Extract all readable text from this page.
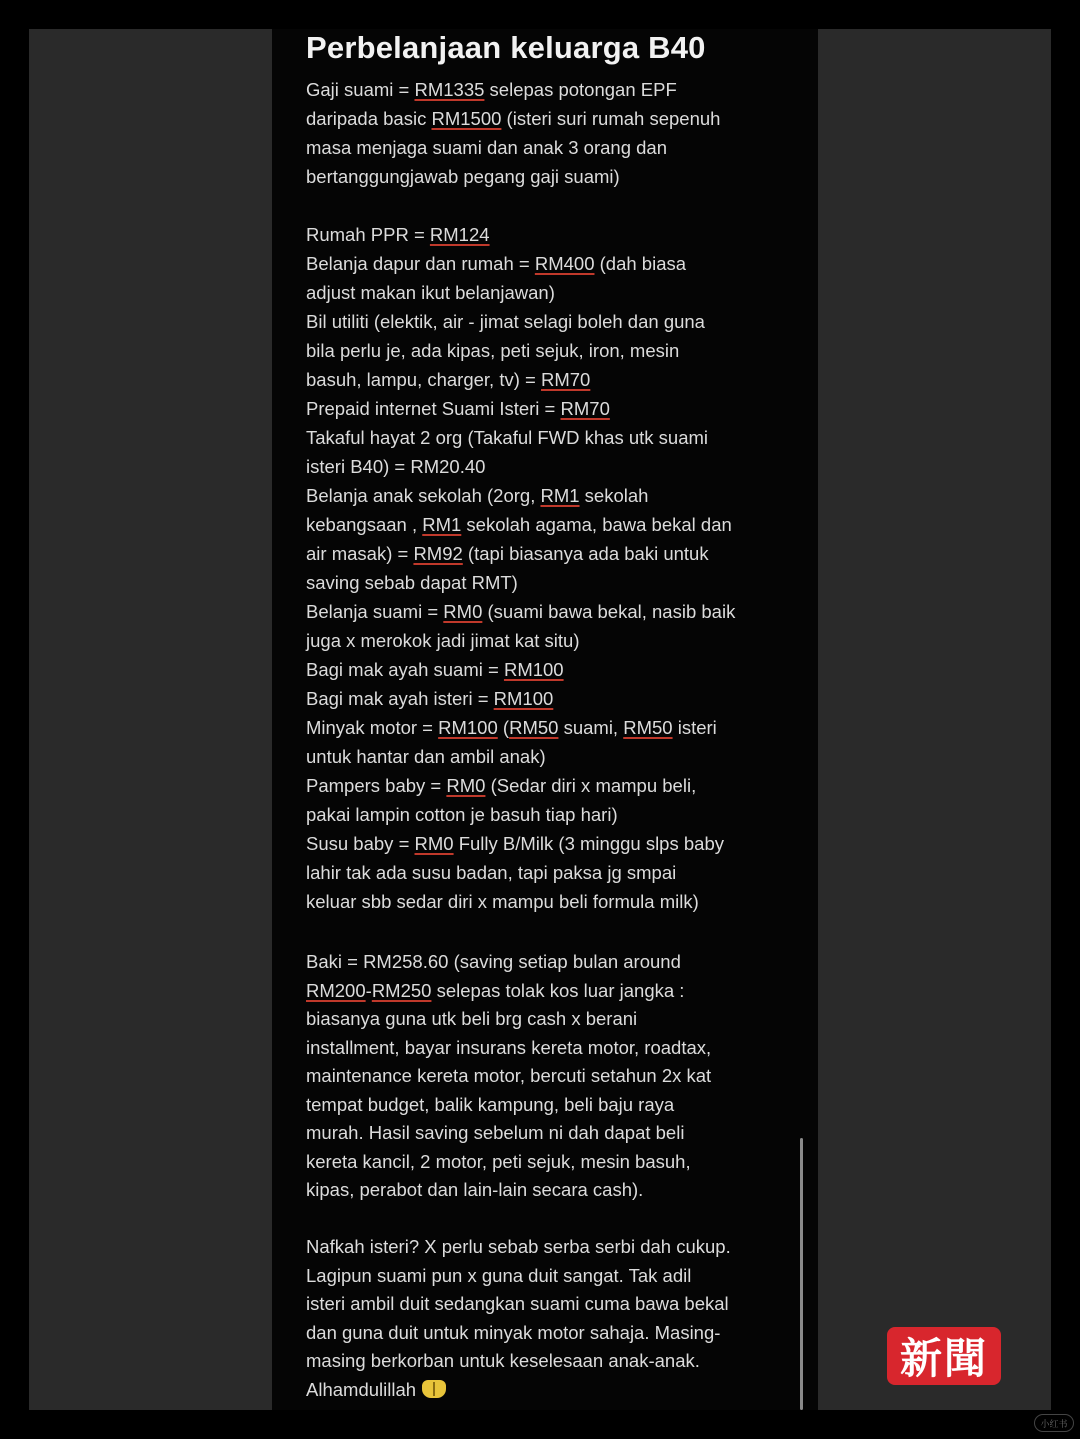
Perbelanjaan keluarga B40
Gaji suami = RM1335 selepas potongan EPF
daripada basic RM1500 (isteri suri rumah sepenuh
masa menjaga suami dan anak 3 orang dan
bertanggungjawab pegang gaji suami)
Rumah PPR = RM124
Belanja dapur dan rumah = RM400 (dah biasa
adjust makan ikut belanjawan)
Bil utiliti (elektik, air - jimat selagi boleh dan guna
bila perlu je, ada kipas, peti sejuk, iron, mesin
basuh, lampu, charger, tv) = RM70
Prepaid internet Suami Isteri = RM70
Takaful hayat 2 org (Takaful FWD khas utk suami
isteri B40) = RM20.40
Belanja anak sekolah (2org, RM1 sekolah
kebangsaan , RM1 sekolah agama, bawa bekal dan
air masak) = RM92 (tapi biasanya ada baki untuk
saving sebab dapat RMT)
Belanja suami = RM0 (suami bawa bekal, nasib baik
juga x merokok jadi jimat kat situ)
Bagi mak ayah suami = RM100
Bagi mak ayah isteri = RM100
Minyak motor = RM100 (RM50 suami, RM50 isteri
untuk hantar dan ambil anak)
Pampers baby = RM0 (Sedar diri x mampu beli,
pakai lampin cotton je basuh tiap hari)
Susu baby = RM0 Fully B/Milk (3 minggu slps baby
lahir tak ada susu badan, tapi paksa jg smpai
keluar sbb sedar diri x mampu beli formula milk)
Baki = RM258.60 (saving setiap bulan around
RM200-RM250 selepas tolak kos luar jangka :
biasanya guna utk beli brg cash x berani
installment, bayar insurans kereta motor, roadtax,
maintenance kereta motor, bercuti setahun 2x kat
tempat budget, balik kampung, beli baju raya
murah. Hasil saving sebelum ni dah dapat beli
kereta kancil, 2 motor, peti sejuk, mesin basuh,
kipas, perabot dan lain-lain secara cash).
Nafkah isteri? X perlu sebab serba serbi dah cukup.
Lagipun suami pun x guna duit sangat. Tak adil
isteri ambil duit sedangkan suami cuma bawa bekal
dan guna duit untuk minyak motor sahaja. Masing-
masing berkorban untuk keselesaan anak-anak.
Alhamdulillah
新聞
小红书
